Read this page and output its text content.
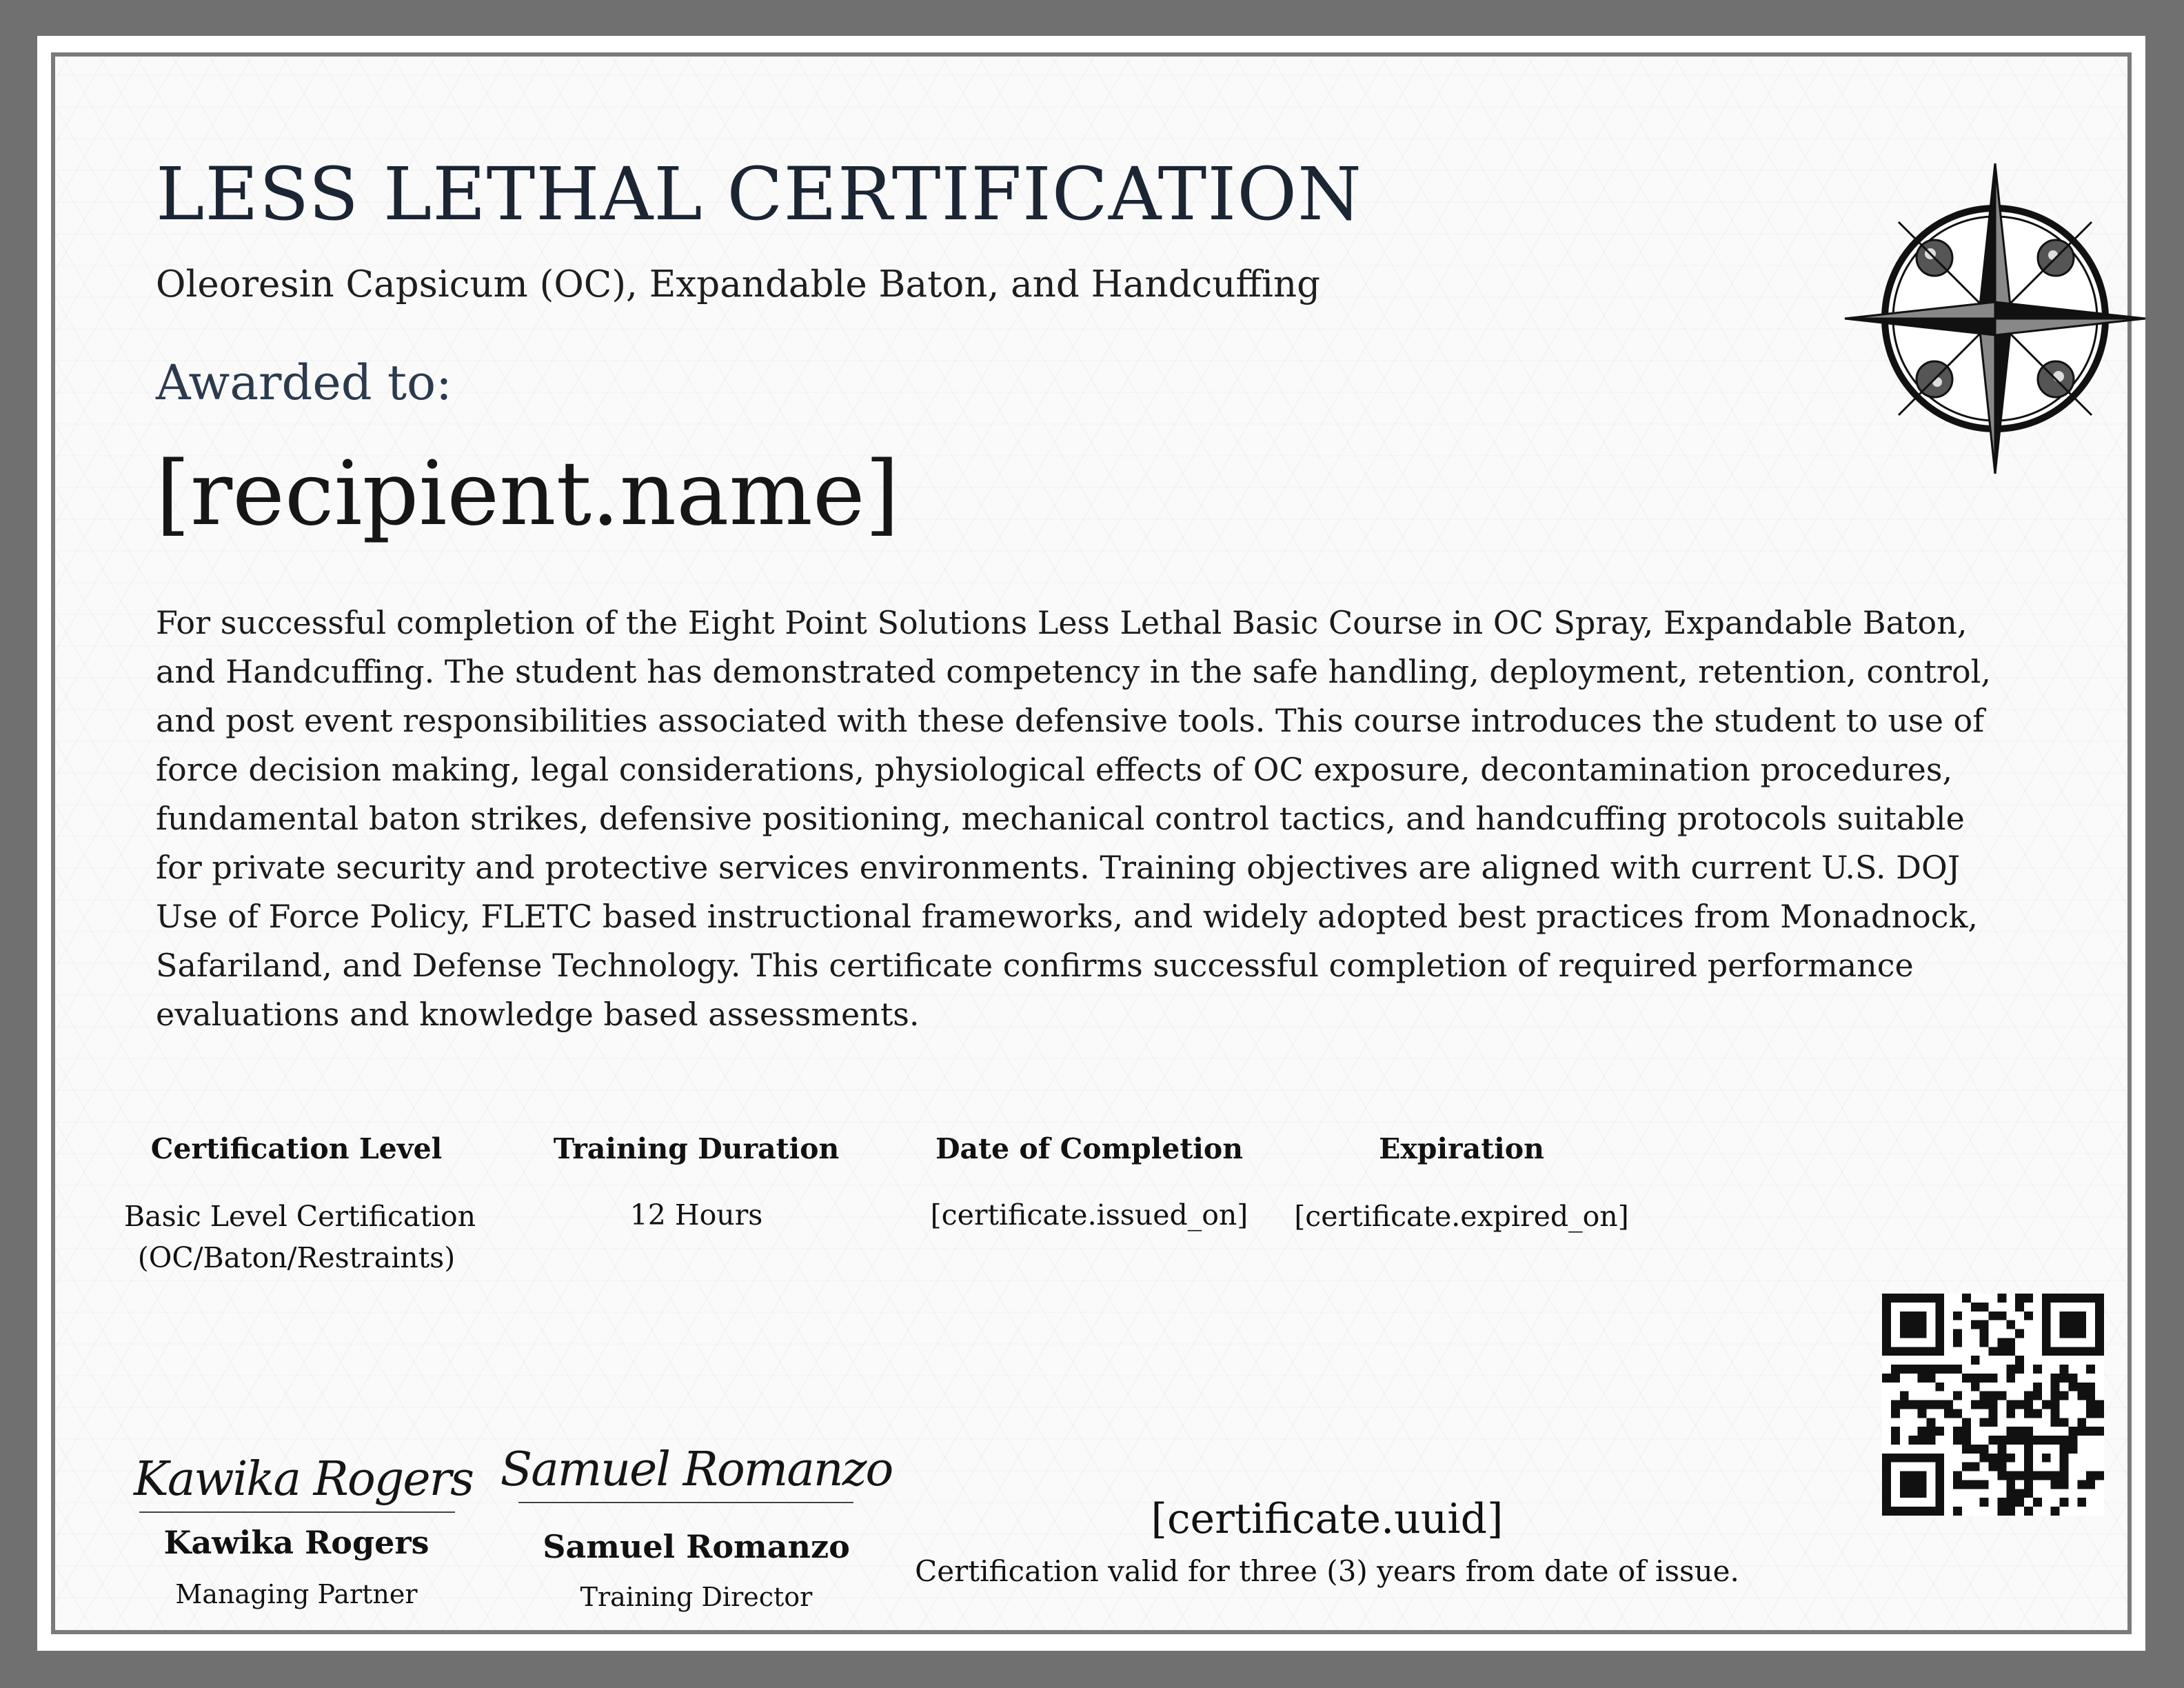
LESS LETHAL CERTIFICATION

Oleoresin Capsicum (OC), Expandable Baton, and Handcuffing

Awarded to:

[recipient.name]

For successful completion of the Eight Point Solutions Less Lethal Basic Course in OC Spray, Expandable Baton, and Handcuffing. The student has demonstrated competency in the safe handling, deployment, retention, control, and post event responsibilities associated with these defensive tools. This course introduces the student to use of force decision making, legal considerations, physiological effects of OC exposure, decontamination procedures, fundamental baton strikes, defensive positioning, mechanical control tactics, and handcuffing protocols suitable for private security and protective services environments. Training objectives are aligned with current U.S. DOJ Use of Force Policy, FLETC based instructional frameworks, and widely adopted best practices from Monadnock, Safariland, and Defense Technology. This certificate confirms successful completion of required performance evaluations and knowledge based assessments.

Certification Level
Basic Level Certification
(OC/Baton/Restraints)
Training Duration
12 Hours
Date of Completion
[certificate.issued_on]
Expiration
[certificate.expired_on]
Kawika Rogers
Kawika Rogers
Managing Partner
Samuel Romanzo
Samuel Romanzo
Training Director
[certificate.uuid]
Certification valid for three (3) years from date of issue.
